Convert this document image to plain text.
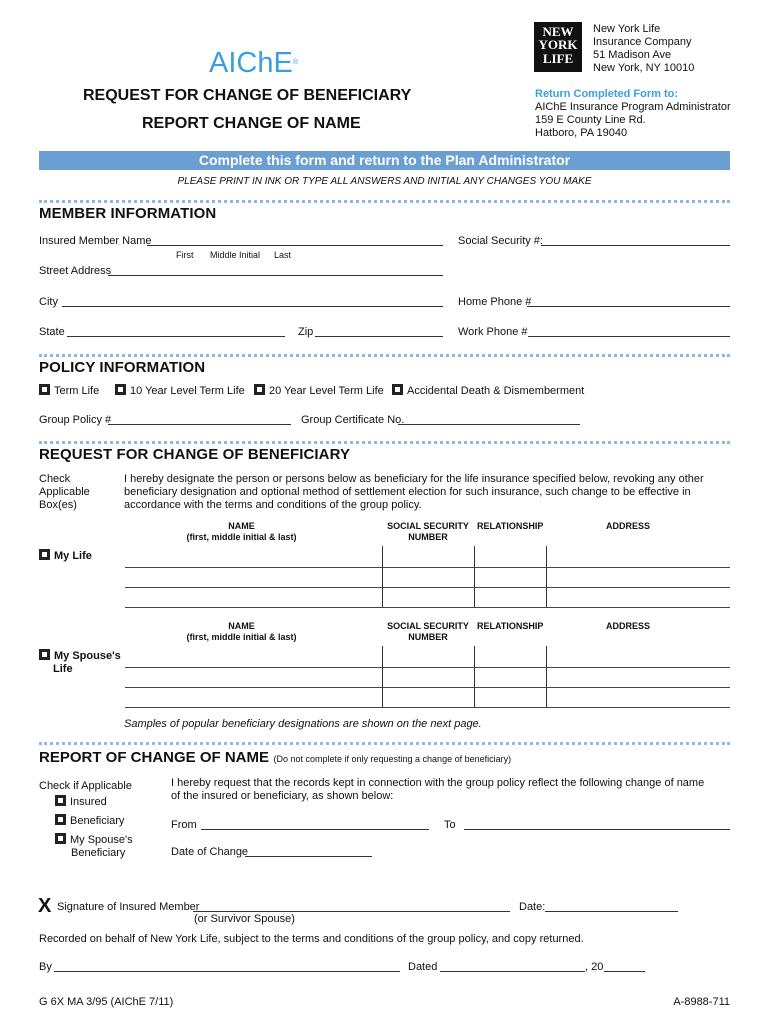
AIChE®
NEW
YORK
LIFE
New York Life
Insurance Company
51 Madison Ave
New York, NY 10010
Return Completed Form to:
AIChE Insurance Program Administrator
159 E County Line Rd.
Hatboro, PA 19040
REQUEST FOR CHANGE OF BENEFICIARY
REPORT CHANGE OF NAME
Complete this form and return to the Plan Administrator
PLEASE PRINT IN INK OR TYPE ALL ANSWERS AND INITIAL ANY CHANGES YOU MAKE
MEMBER INFORMATION
Insured Member Name
First Middle Initial Last
Social Security #:
Street Address
City	Home Phone #
State	Zip	Work Phone #
POLICY INFORMATION
Term Life	10 Year Level Term Life	20 Year Level Term Life	Accidental Death & Dismemberment
Group Policy #	Group Certificate No.
REQUEST FOR CHANGE OF BENEFICIARY
Check
Applicable
Box(es)
I hereby designate the person or persons below as beneficiary for the life insurance specified below, revoking any other beneficiary designation and optional method of settlement election for such insurance, such change to be effective in accordance with the terms and conditions of the group policy.
NAME
(first, middle initial & last)
SOCIAL SECURITY
NUMBER
RELATIONSHIP	ADDRESS
My Life
NAME
(first, middle initial & last)
SOCIAL SECURITY
NUMBER
RELATIONSHIP	ADDRESS
My Spouse's
Life
Samples of popular beneficiary designations are shown on the next page.
REPORT OF CHANGE OF NAME (Do not complete if only requesting a change of beneficiary)
Check if Applicable
Insured
Beneficiary
My Spouse's
Beneficiary
I hereby request that the records kept in connection with the group policy reflect the following change of name of the insured or beneficiary, as shown below:
From	To
Date of Change
X Signature of Insured Member	Date:
(or Survivor Spouse)
Recorded on behalf of New York Life, subject to the terms and conditions of the group policy, and copy returned.
By	Dated	, 20
G 6X MA 3/95 (AIChE 7/11)	A-8988-711
